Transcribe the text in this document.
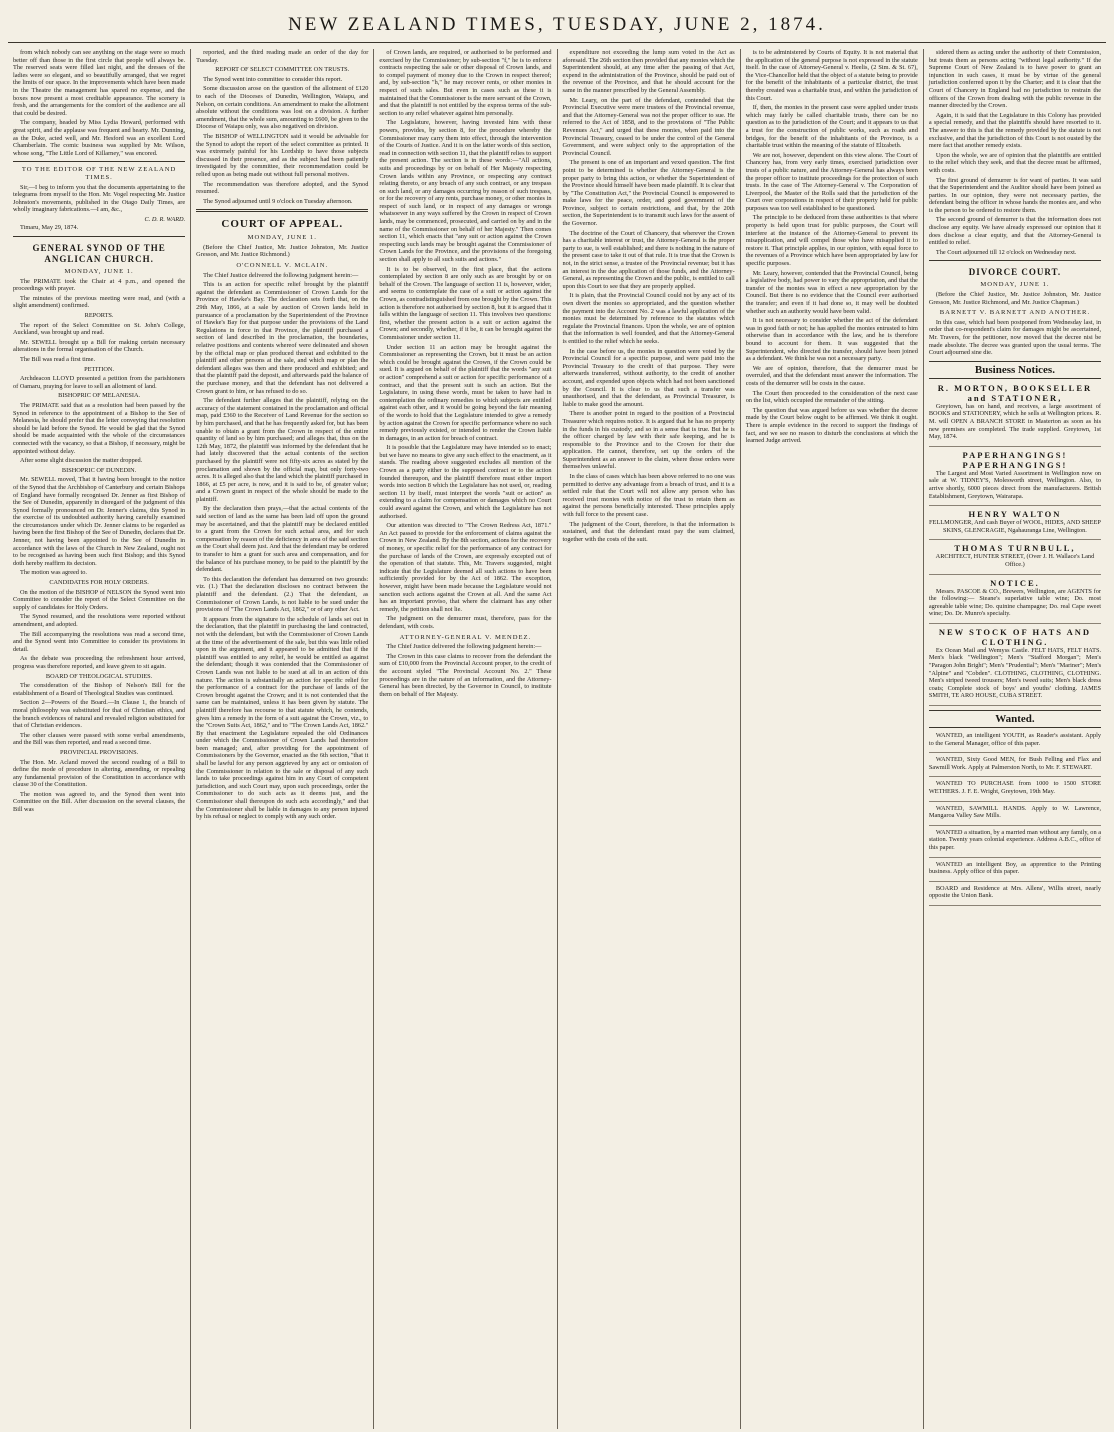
NEW ZEALAND TIMES, TUESDAY, JUNE 2, 1874.

from which nobody can see anything on the stage were so much better off than those in the first circle that people will always be. The reserved seats were filled last night, and the dresses of the ladies were so elegant, and so beautifully arranged, that we regret the limits of our space. In the improvements which have been made in the Theatre the management has spared no expense, and the boxes now present a most creditable appearance. The scenery is fresh, and the arrangements for the comfort of the audience are all that could be desired.

The company, headed by Miss Lydia Howard, performed with great spirit, and the applause was frequent and hearty. Mr. Dunning, as the Duke, acted well, and Mr. Hesford was an excellent Lord Chamberlain. The comic business was supplied by Mr. Wilson, whose song, "The Little Lord of Killarney," was encored.

TO THE EDITOR OF THE NEW ZEALAND TIMES.

Sir,—I beg to inform you that the documents appertaining to the telegrams from myself to the Hon. Mr. Vogel respecting Mr. Justice Johnston's movements, published in the Otago Daily Times, are wholly imaginary fabrications.—I am, &c.,

C. D. R. WARD.

Timaru, May 29, 1874.

GENERAL SYNOD OF THE ANGLICAN CHURCH.
MONDAY, JUNE 1.

The PRIMATE took the Chair at 4 p.m., and opened the proceedings with prayer.

The minutes of the previous meeting were read, and (with a slight amendment) confirmed.

REPORTS.

The report of the Select Committee on St. John's College, Auckland, was brought up and read.

Mr. SEWELL brought up a Bill for making certain necessary alterations in the formal organisation of the Church.

The Bill was read a first time.

PETITION.

Archdeacon LLOYD presented a petition from the parishioners of Oamaru, praying for leave to sell an allotment of land.

BISHOPRIC OF MELANESIA.

The PRIMATE said that as a resolution had been passed by the Synod in reference to the appointment of a Bishop to the See of Melanesia, he should prefer that the letter conveying that resolution should be laid before the Synod. He would be glad that the Synod should be made acquainted with the whole of the circumstances connected with the vacancy, so that a Bishop, if necessary, might be appointed without delay.

After some slight discussion the matter dropped.

BISHOPRIC OF DUNEDIN.

Mr. SEWELL moved, That it having been brought to the notice of the Synod that the Archbishop of Canterbury and certain Bishops of England have formally recognised Dr. Jenner as first Bishop of the See of Dunedin, apparently in disregard of the judgment of this Synod formally pronounced on Dr. Jenner's claims, this Synod in the exercise of its undoubted authority having carefully examined the circumstances under which Dr. Jenner claims to be regarded as having been the first Bishop of the See of Dunedin, declares that Dr. Jenner, not having been appointed to the See of Dunedin in accordance with the laws of the Church in New Zealand, ought not to be recognised as having been such first Bishop; and this Synod doth hereby reaffirm its decision.

The motion was agreed to.

CANDIDATES FOR HOLY ORDERS.

On the motion of the BISHOP of NELSON the Synod went into Committee to consider the report of the Select Committee on the supply of candidates for Holy Orders.

The Synod resumed, and the resolutions were reported without amendment, and adopted.

The Bill accompanying the resolutions was read a second time, and the Synod went into Committee to consider its provisions in detail.

As the debate was proceeding the refreshment hour arrived, progress was therefore reported, and leave given to sit again.

BOARD OF THEOLOGICAL STUDIES.

The consideration of the Bishop of Nelson's Bill for the establishment of a Board of Theological Studies was continued.

Section 2—Powers of the Board.—In Clause 1, the branch of moral philosophy was substituted for that of Christian ethics, and the branch evidences of natural and revealed religion substituted for that of Christian evidences.

The other clauses were passed with some verbal amendments, and the Bill was then reported, and read a second time.

PROVINCIAL PROVISIONS.

The Hon. Mr. Acland moved the second reading of a Bill to define the mode of procedure in altering, amending, or repealing any fundamental provision of the Constitution in accordance with clause 30 of the Constitution.

The motion was agreed to, and the Synod then went into Committee on the Bill. After discussion on the several clauses, the Bill was

reported, and the third reading made an order of the day for Tuesday.

REPORT OF SELECT COMMITTEE ON TRUSTS.

The Synod went into committee to consider this report.

Some discussion arose on the question of the allotment of £120 to each of the Dioceses of Dunedin, Wellington, Waiapu, and Nelson, on certain conditions. An amendment to make the allotment absolute without the conditions was lost on a division. A further amendment, that the whole sum, amounting to £600, be given to the Diocese of Waiapu only, was also negatived on division.

The BISHOP of WELLINGTON said it would be advisable for the Synod to adopt the report of the select committee as printed. It was extremely painful for his Lordship to have those subjects discussed in their presence, and as the subject had been patiently investigated by the committee, their recommendation could be relied upon as being made out without full personal motives.

The recommendation was therefore adopted, and the Synod resumed.

The Synod adjourned until 9 o'clock on Tuesday afternoon.

COURT OF APPEAL.
MONDAY, JUNE 1.

(Before the Chief Justice, Mr. Justice Johnston, Mr. Justice Gresson, and Mr. Justice Richmond.)

O'CONNELL V. McLAIN.

The Chief Justice delivered the following judgment herein:—

This is an action for specific relief brought by the plaintiff against the defendant as Commissioner of Crown Lands for the Province of Hawke's Bay. The declaration sets forth that, on the 29th May, 1866, at a sale by auction of Crown lands held in pursuance of a proclamation by the Superintendent of the Province of Hawke's Bay for that purpose under the provisions of the Land Regulations in force in that Province, the plaintiff purchased a section of land described in the proclamation, the boundaries, relative positions and contents whereof were delineated and shown by the official map or plan produced thereat and exhibited to the plaintiff and other persons at the sale, and which map or plan the defendant alleges was then and there produced and exhibited; and that the plaintiff paid the deposit, and afterwards paid the balance of the purchase money, and that the defendant has not delivered a Crown grant to him, or has refused to do so.

The defendant further alleges that the plaintiff, relying on the accuracy of the statement contained in the proclamation and official map, paid £360 to the Receiver of Land Revenue for the section so by him purchased, and that he has frequently asked for, but has been unable to obtain a grant from the Crown in respect of the entire quantity of land so by him purchased; and alleges that, thus on the 12th May, 1872, the plaintiff was informed by the defendant that he had lately discovered that the actual contents of the section purchased by the plaintiff were not fifty-six acres as stated by the proclamation and shown by the official map, but only forty-two acres. It is alleged also that the land which the plaintiff purchased in 1866, at £5 per acre, is now, and it is said to be, of greater value; and a Crown grant in respect of the whole should be made to the plaintiff.

By the declaration then prays,—that the actual contents of the said section of land as the same has been laid off upon the ground may be ascertained, and that the plaintiff may be declared entitled to a grant from the Crown for such actual area, and for such compensation by reason of the deficiency in area of the said section as the Court shall deem just. And that the defendant may be ordered to transfer to him a grant for such area and compensation, and for the balance of his purchase money, to be paid to the plaintiff by the defendant.

To this declaration the defendant has demurred on two grounds: viz. (1.) That the declaration discloses no contract between the plaintiff and the defendant. (2.) That the defendant, as Commissioner of Crown Lands, is not liable to be sued under the provisions of "The Crown Lands Act, 1862," or of any other Act.

It appears from the signature to the schedule of lands set out in the declaration, that the plaintiff in purchasing the land contracted, not with the defendant, but with the Commissioner of Crown Lands at the time of the advertisement of the sale, but this was little relied upon in the argument, and it appeared to be admitted that if the plaintiff was entitled to any relief, he would be entitled as against the defendant; though it was contended that the Commissioner of Crown Lands was not liable to be sued at all in an action of this nature. The action is substantially an action for specific relief for the performance of a contract for the purchase of lands of the Crown brought against the Crown; and it is not contended that the same can be maintained, unless it has been given by statute. The plaintiff therefore has recourse to that statute which, he contends, gives him a remedy in the form of a suit against the Crown, viz., to the "Crown Suits Act, 1862," and to "The Crown Lands Act, 1862." By that enactment the Legislature repealed the old Ordinances under which the Commissioner of Crown Lands had theretofore been managed; and, after providing for the appointment of Commissioners by the Governor, enacted as the 6th section, "that it shall be lawful for any person aggrieved by any act or omission of the Commissioner in relation to the sale or disposal of any such lands to take proceedings against him in any Court of competent jurisdiction, and such Court may, upon such proceedings, order the Commissioner to do such acts as it deems just, and the Commissioner shall thereupon do such acts accordingly," and that the Commissioner shall be liable in damages to any person injured by his refusal or neglect to comply with any such order.

of Crown lands, are required, or authorised to be performed and exercised by the Commissioner; by sub-section "f," he is to enforce contracts respecting the sale or other disposal of Crown lands, and to compel payment of money due to the Crown in respect thereof; and, by sub-section "h," he may recover rents, or other monies in respect of such sales. But even in cases such as these it is maintained that the Commissioner is the mere servant of the Crown, and that the plaintiff is not entitled by the express terms of the sub-section to any relief whatever against him personally.

The Legislature, however, having invested him with these powers, provides, by section 8, for the procedure whereby the Commissioner may carry them into effect, through the intervention of the Courts of Justice. And it is on the latter words of this section, read in connection with section 11, that the plaintiff relies to support the present action. The section is in these words:—"All actions, suits and proceedings by or on behalf of Her Majesty respecting Crown lands within any Province, or respecting any contract relating thereto, or any breach of any such contract, or any trespass on such land, or any damages occurring by reason of such trespass, or for the recovery of any rents, purchase money, or other monies in respect of such land, or in respect of any damages or wrongs whatsoever in any ways suffered by the Crown in respect of Crown lands, may be commenced, prosecuted, and carried on by and in the name of the Commissioner on behalf of her Majesty." Then comes section 11, which enacts that "any suit or action against the Crown respecting such lands may be brought against the Commissioner of Crown Lands for the Province, and the provisions of the foregoing section shall apply to all such suits and actions."

It is to be observed, in the first place, that the actions contemplated by section 8 are only such as are brought by or on behalf of the Crown. The language of section 11 is, however, wider, and seems to contemplate the case of a suit or action against the Crown, as contradistinguished from one brought by the Crown. This action is therefore not authorised by section 8, but it is argued that it falls within the language of section 11. This involves two questions: first, whether the present action is a suit or action against the Crown; and secondly, whether, if it be, it can be brought against the Commissioner under section 11.

Under section 11 an action may be brought against the Commissioner as representing the Crown, but it must be an action which could be brought against the Crown, if the Crown could be sued. It is argued on behalf of the plaintiff that the words "any suit or action" comprehend a suit or action for specific performance of a contract, and that the present suit is such an action. But the Legislature, in using these words, must be taken to have had in contemplation the ordinary remedies to which subjects are entitled against each other, and it would be going beyond the fair meaning of the words to hold that the Legislature intended to give a remedy by action against the Crown for specific performance where no such remedy previously existed, or intended to render the Crown liable in damages, in an action for breach of contract.

It is possible that the Legislature may have intended so to enact; but we have no means to give any such effect to the enactment, as it stands. The reading above suggested excludes all mention of the Crown as a party either to the supposed contract or to the action founded thereupon, and the plaintiff therefore must either import words into section 8 which the Legislature has not used, or, reading section 11 by itself, must interpret the words "suit or action" as extending to a claim for compensation or damages which no Court could award against the Crown, and which the Legislature has not authorised.

Our attention was directed to "The Crown Redress Act, 1871." An Act passed to provide for the enforcement of claims against the Crown in New Zealand. By the 8th section, actions for the recovery of money, or specific relief for the performance of any contract for the purchase of lands of the Crown, are expressly excepted out of the operation of that statute. This, Mr. Travers suggested, might indicate that the Legislature deemed all such actions to have been sufficiently provided for by the Act of 1862. The exception, however, might have been made because the Legislature would not sanction such actions against the Crown at all. And the same Act has an important proviso, that where the claimant has any other remedy, the petition shall not lie.

The judgment on the demurrer must, therefore, pass for the defendant, with costs.

ATTORNEY-GENERAL V. MENDEZ.

The Chief Justice delivered the following judgment herein:—

The Crown in this case claims to recover from the defendant the sum of £10,000 from the Provincial Account proper, to the credit of the account styled "The Provincial Account No. 2." These proceedings are in the nature of an information, and the Attorney-General has been directed, by the Governor in Council, to institute them on behalf of Her Majesty.

expenditure not exceeding the lump sum voted in the Act as aforesaid. The 26th section then provided that any monies which the Superintendent should, at any time after the passing of that Act, expend in the administration of the Province, should be paid out of the revenue of the Province, and that he should account for the same in the manner prescribed by the General Assembly.

Mr. Leary, on the part of the defendant, contended that the Provincial Executive were mere trustees of the Provincial revenue, and that the Attorney-General was not the proper officer to sue. He referred to the Act of 1858, and to the provisions of "The Public Revenues Act," and urged that these monies, when paid into the Provincial Treasury, ceased to be under the control of the General Government, and were subject only to the appropriation of the Provincial Council.

The present is one of an important and vexed question. The first point to be determined is whether the Attorney-General is the proper party to bring this action, or whether the Superintendent of the Province should himself have been made plaintiff. It is clear that by "The Constitution Act," the Provincial Council is empowered to make laws for the peace, order, and good government of the Province, subject to certain restrictions, and that, by the 20th section, the Superintendent is to transmit such laws for the assent of the Governor.

The doctrine of the Court of Chancery, that wherever the Crown has a charitable interest or trust, the Attorney-General is the proper party to sue, is well established; and there is nothing in the nature of the present case to take it out of that rule. It is true that the Crown is not, in the strict sense, a trustee of the Provincial revenue; but it has an interest in the due application of those funds, and the Attorney-General, as representing the Crown and the public, is entitled to call upon this Court to see that they are properly applied.

It is plain, that the Provincial Council could not by any act of its own divert the monies so appropriated, and the question whether the payment into the Account No. 2 was a lawful application of the monies must be determined by reference to the statutes which regulate the Provincial finances. Upon the whole, we are of opinion that the information is well founded, and that the Attorney-General is entitled to the relief which he seeks.

In the case before us, the monies in question were voted by the Provincial Council for a specific purpose, and were paid into the Provincial Treasury to the credit of that purpose. They were afterwards transferred, without authority, to the credit of another account, and expended upon objects which had not been sanctioned by the Council. It is clear to us that such a transfer was unauthorised, and that the defendant, as Provincial Treasurer, is liable to make good the amount.

There is another point in regard to the position of a Provincial Treasurer which requires notice. It is argued that he has no property in the funds in his custody; and so in a sense that is true. But he is the officer charged by law with their safe keeping, and he is responsible to the Province and to the Crown for their due application. He cannot, therefore, set up the orders of the Superintendent as an answer to the claim, where those orders were themselves unlawful.

In the class of cases which has been above referred to no one was permitted to derive any advantage from a breach of trust, and it is a settled rule that the Court will not allow any person who has received trust monies with notice of the trust to retain them as against the persons beneficially interested. These principles apply with full force to the present case.

The judgment of the Court, therefore, is that the information is sustained, and that the defendant must pay the sum claimed, together with the costs of the suit.

is to be administered by Courts of Equity. It is not material that the application of the general purpose is not expressed in the statute itself. In the case of Attorney-General v. Heelis, (2 Sim. & St. 67), the Vice-Chancellor held that the object of a statute being to provide for the benefit of the inhabitants of a particular district, the trust thereby created was a charitable trust, and within the jurisdiction of this Court.

If, then, the monies in the present case were applied under trusts which may fairly be called charitable trusts, there can be no question as to the jurisdiction of the Court; and it appears to us that a trust for the construction of public works, such as roads and bridges, for the benefit of the inhabitants of the Province, is a charitable trust within the meaning of the statute of Elizabeth.

We are not, however, dependent on this view alone. The Court of Chancery has, from very early times, exercised jurisdiction over trusts of a public nature, and the Attorney-General has always been the proper officer to institute proceedings for the protection of such trusts. In the case of The Attorney-General v. The Corporation of Liverpool, the Master of the Rolls said that the jurisdiction of the Court over corporations in respect of their property held for public purposes was too well established to be questioned.

The principle to be deduced from these authorities is that where property is held upon trust for public purposes, the Court will interfere at the instance of the Attorney-General to prevent its misapplication, and will compel those who have misapplied it to restore it. That principle applies, in our opinion, with equal force to the revenues of a Province which have been appropriated by law for specific purposes.

Mr. Leary, however, contended that the Provincial Council, being a legislative body, had power to vary the appropriation, and that the transfer of the monies was in effect a new appropriation by the Council. But there is no evidence that the Council ever authorised the transfer; and even if it had done so, it may well be doubted whether such an authority would have been valid.

It is not necessary to consider whether the act of the defendant was in good faith or not; he has applied the monies entrusted to him otherwise than in accordance with the law, and he is therefore bound to account for them. It was suggested that the Superintendent, who directed the transfer, should have been joined as a defendant. We think he was not a necessary party.

We are of opinion, therefore, that the demurrer must be overruled, and that the defendant must answer the information. The costs of the demurrer will be costs in the cause.

The Court then proceeded to the consideration of the next case on the list, which occupied the remainder of the sitting.

The question that was argued before us was whether the decree made by the Court below ought to be affirmed. We think it ought. There is ample evidence in the record to support the findings of fact, and we see no reason to disturb the conclusions at which the learned Judge arrived.

sidered them as acting under the authority of their Commission, but treats them as persons acting "without legal authority." If the Supreme Court of New Zealand is to have power to grant an injunction in such cases, it must be by virtue of the general jurisdiction conferred upon it by the Charter; and it is clear that the Court of Chancery in England had no jurisdiction to restrain the officers of the Crown from dealing with the public revenue in the manner directed by the Crown.

Again, it is said that the Legislature in this Colony has provided a special remedy, and that the plaintiffs should have resorted to it. The answer to this is that the remedy provided by the statute is not exclusive, and that the jurisdiction of this Court is not ousted by the mere fact that another remedy exists.

Upon the whole, we are of opinion that the plaintiffs are entitled to the relief which they seek, and that the decree must be affirmed, with costs.

The first ground of demurrer is for want of parties. It was said that the Superintendent and the Auditor should have been joined as parties. In our opinion, they were not necessary parties, the defendant being the officer in whose hands the monies are, and who is the person to be ordered to restore them.

The second ground of demurrer is that the information does not disclose any equity. We have already expressed our opinion that it does disclose a clear equity, and that the Attorney-General is entitled to relief.

The Court adjourned till 12 o'clock on Wednesday next.

DIVORCE COURT.
MONDAY, JUNE 1.

(Before the Chief Justice, Mr. Justice Johnston, Mr. Justice Gresson, Mr. Justice Richmond, and Mr. Justice Chapman.)

BARNETT V. BARNETT AND ANOTHER.

In this case, which had been postponed from Wednesday last, in order that co-respondent's claim for damages might be ascertained, Mr. Travers, for the petitioner, now moved that the decree nisi be made absolute. The decree was granted upon the usual terms. The Court adjourned sine die.

Business Notices.
R. MORTON, BOOKSELLER and STATIONER,

Greytown, has on hand, and receives, a large assortment of BOOKS and STATIONERY, which he sells at Wellington prices. R. M. will OPEN A BRANCH STORE in Masterton as soon as his new premises are completed. The trade supplied. Greytown, 1st May, 1874.

PAPERHANGINGS! PAPERHANGINGS!

The Largest and Most Varied Assortment in Wellington now on sale at W. TIDNEY'S, Molesworth street, Wellington. Also, to arrive shortly, 6000 pieces direct from the manufacturers. British Establishment, Greytown, Wairarapa.

HENRY WALTON

FELLMONGER, And cash Buyer of WOOL, HIDES, AND SHEEP SKINS, GLENCRAGIE, Ngahauranga Line, Wellington.

THOMAS TURNBULL,

ARCHITECT, HUNTER STREET, (Over J. H. Wallace's Land Office.)

NOTICE.

Messrs. PASCOE & CO., Brewers, Wellington, are AGENTS for the following:— Steane's superlative table wine; Do. most agreeable table wine; Do. quinine champagne; Do. real Cape sweet wine; Do. Dr. Munro's specialty.

NEW STOCK OF HATS AND CLOTHING.

Ex Ocean Mail and Wemyss Castle. FELT HATS, FELT HATS. Men's black "Wellington"; Men's "Stafford Morgan"; Men's "Paragon John Bright"; Men's "Prudential"; Men's "Mariner"; Men's "Alpine" and "Cobden". CLOTHING, CLOTHING, CLOTHING. Men's striped tweed trousers; Men's tweed suits; Men's black dress coats; Complete stock of boys' and youths' clothing. JAMES SMITH, TE ARO HOUSE, CUBA STREET.

Wanted.

WANTED, an intelligent YOUTH, as Reader's assistant. Apply to the General Manager, office of this paper.

WANTED, Sixty Good MEN, for Bush Felling and Flax and Sawmill Work. Apply at Palmerston North, to Mr. F. STEWART.

WANTED TO PURCHASE from 1000 to 1500 STORE WETHERS. J. F. E. Wright, Greytown, 19th May.

WANTED, SAWMILL HANDS. Apply to W. Lawrence, Mangaroa Valley Saw Mills.

WANTED a situation, by a married man without any family, on a station. Twenty years colonial experience. Address A.B.C., office of this paper.

WANTED an intelligent Boy, as apprentice to the Printing business. Apply office of this paper.

BOARD and Residence at Mrs. Allens', Willis street, nearly opposite the Union Bank.
